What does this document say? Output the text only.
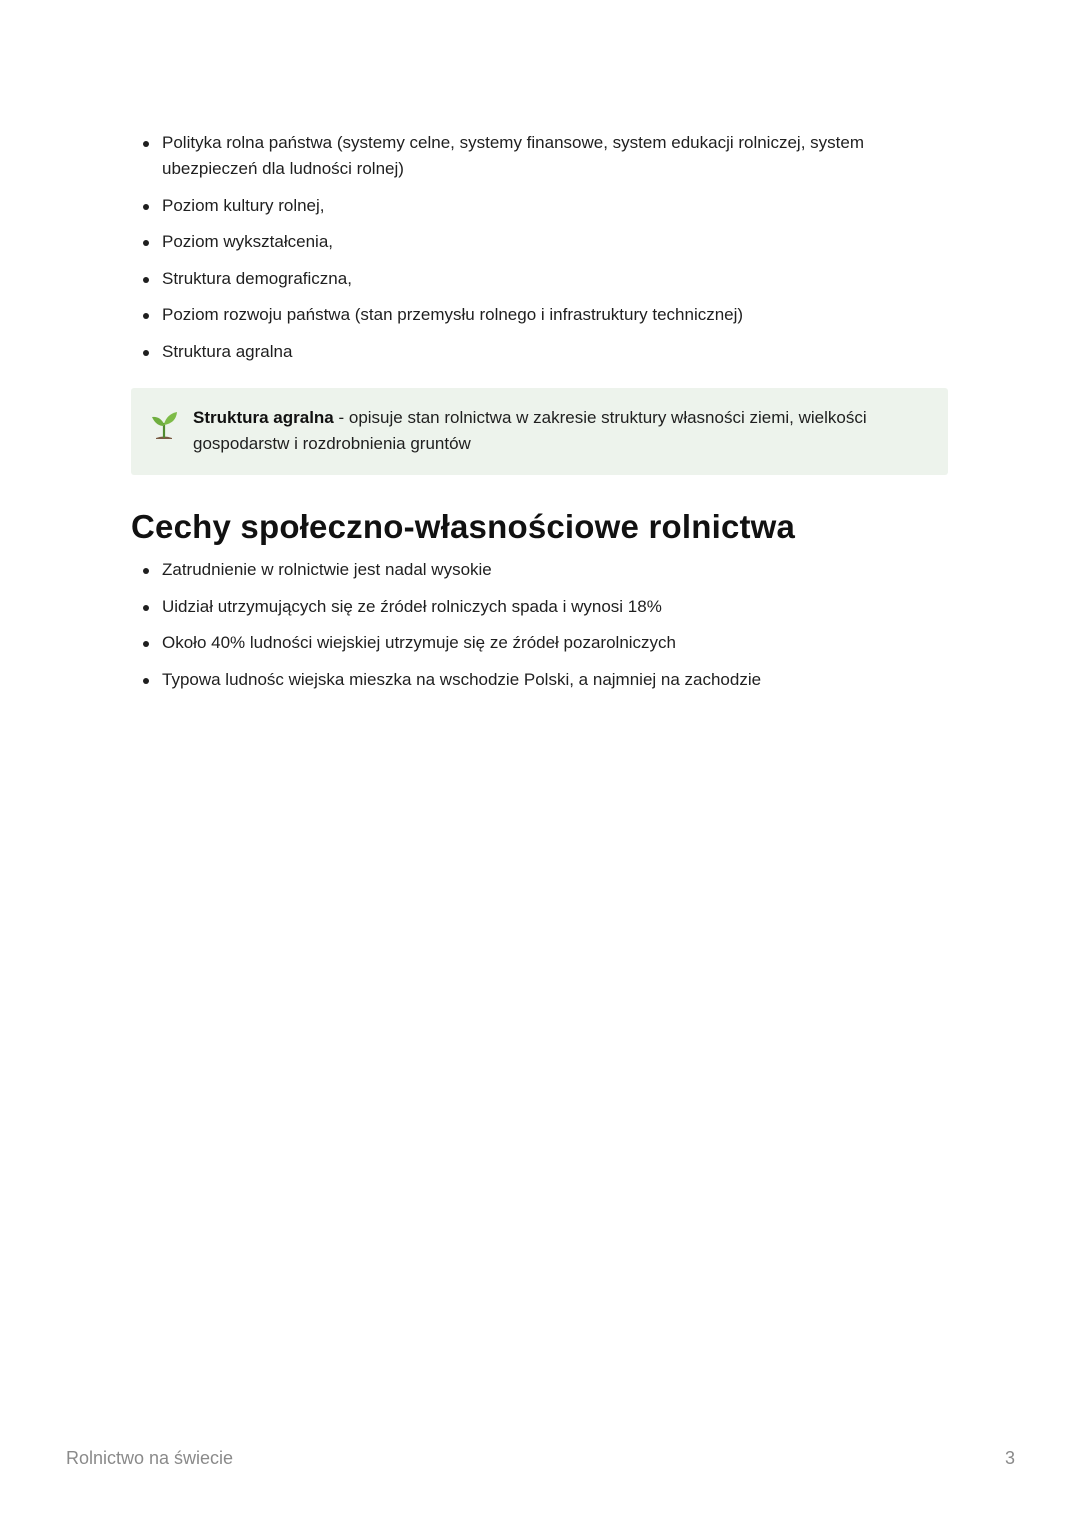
Polityka rolna państwa (systemy celne, systemy finansowe, system edukacji rolniczej, system ubezpieczeń dla ludności rolnej)
Poziom kultury rolnej,
Poziom wykształcenia,
Struktura demograficzna,
Poziom rozwoju państwa (stan przemysłu rolnego i infrastruktury technicznej)
Struktura agralna
Struktura agralna - opisuje stan rolnictwa w zakresie struktury własności ziemi, wielkości gospodarstw i rozdrobnienia gruntów
Cechy społeczno-własnościowe rolnictwa
Zatrudnienie w rolnictwie jest nadal wysokie
Uidział utrzymujących się ze źródeł rolniczych spada i wynosi 18%
Około 40% ludności wiejskiej utrzymuje się ze źródeł pozarolniczych
Typowa ludnośc wiejska mieszka na wschodzie Polski, a najmniej na zachodzie
Rolnictwo na świecie	3
